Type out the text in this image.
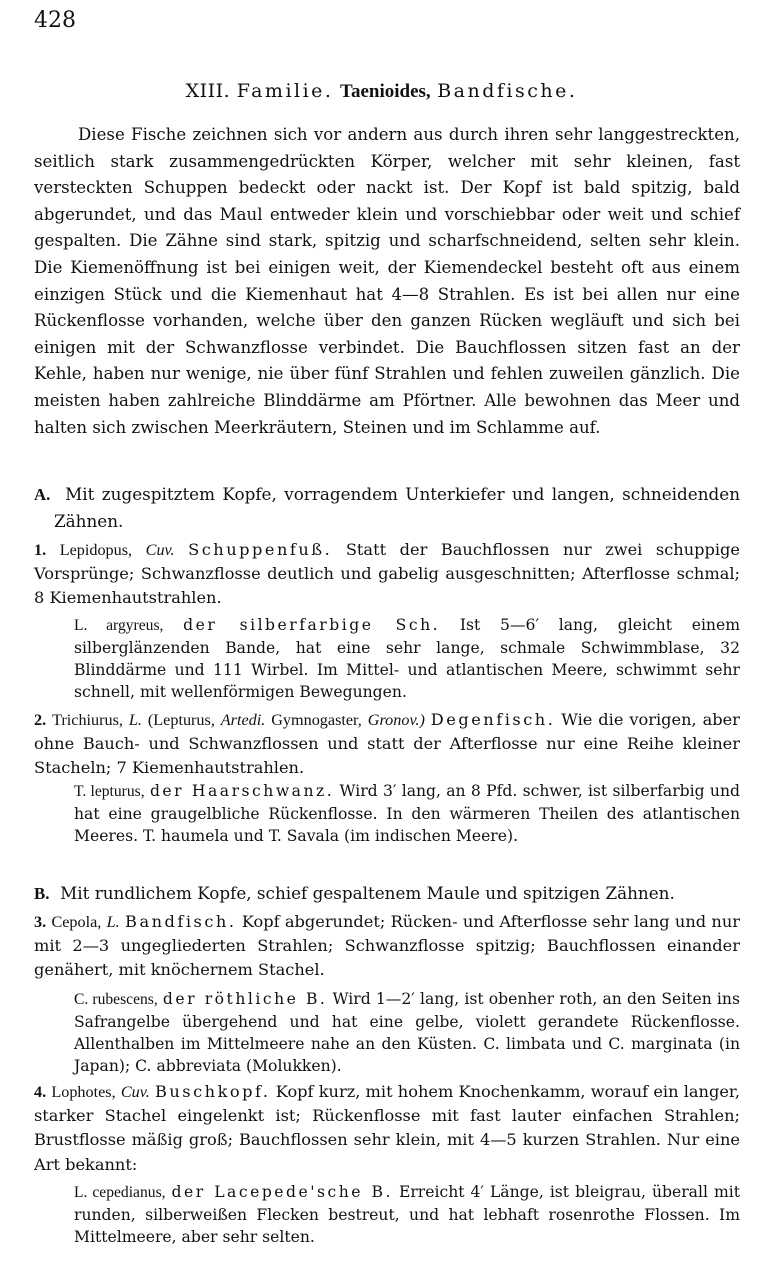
428
XIII. Familie. Taenioides, Bandfische.
Diese Fische zeichnen sich vor andern aus durch ihren sehr langgestreckten, seitlich stark zusammengedrückten Körper, welcher mit sehr kleinen, fast versteckten Schuppen bedeckt oder nackt ist. Der Kopf ist bald spitzig, bald abgerundet, und das Maul entweder klein und vorschiebbar oder weit und schief gespalten. Die Zähne sind stark, spitzig und scharfschneidend, selten sehr klein. Die Kiemenöffnung ist bei einigen weit, der Kiemendeckel besteht oft aus einem einzigen Stück und die Kiemenhaut hat 4—8 Strahlen. Es ist bei allen nur eine Rückenflosse vorhanden, welche über den ganzen Rücken wegläuft und sich bei einigen mit der Schwanzflosse verbindet. Die Bauchflossen sitzen fast an der Kehle, haben nur wenige, nie über fünf Strahlen und fehlen zuweilen gänzlich. Die meisten haben zahlreiche Blinddärme am Pförtner. Alle bewohnen das Meer und halten sich zwischen Meerkräutern, Steinen und im Schlamme auf.
A. Mit zugespitztem Kopfe, vorragendem Unterkiefer und langen, schneidenden Zähnen.
1. Lepidopus, Cuv. Schuppenfuß. Statt der Bauchflossen nur zwei schuppige Vorsprünge; Schwanzflosse deutlich und gabelig ausgeschnitten; Afterflosse schmal; 8 Kiemenhautstrahlen.
L. argyreus, der silberfarbige Sch. Ist 5—6′ lang, gleicht einem silberglänzenden Bande, hat eine sehr lange, schmale Schwimmblase, 32 Blinddärme und 111 Wirbel. Im Mittel- und atlantischen Meere, schwimmt sehr schnell, mit wellenförmigen Bewegungen.
2. Trichiurus, L. (Lepturus, Artedi. Gymnogaster, Gronov.) Degenfisch. Wie die vorigen, aber ohne Bauch- und Schwanzflossen und statt der Afterflosse nur eine Reihe kleiner Stacheln; 7 Kiemenhautstrahlen.
T. lepturus, der Haarschwanz. Wird 3′ lang, an 8 Pfd. schwer, ist silberfarbig und hat eine graugelbliche Rückenflosse. In den wärmeren Theilen des atlantischen Meeres. T. haumela und T. Savala (im indischen Meere).
B. Mit rundlichem Kopfe, schief gespaltenem Maule und spitzigen Zähnen.
3. Cepola, L. Bandfisch. Kopf abgerundet; Rücken- und Afterflosse sehr lang und nur mit 2—3 ungegliederten Strahlen; Schwanzflosse spitzig; Bauchflossen einander genähert, mit knöchernem Stachel.
C. rubescens, der röthliche B. Wird 1—2′ lang, ist obenher roth, an den Seiten ins Safrangelbe übergehend und hat eine gelbe, violett gerandete Rückenflosse. Allenthalben im Mittelmeere nahe an den Küsten. C. limbata und C. marginata (in Japan); C. abbreviata (Molukken).
4. Lophotes, Cuv. Buschkopf. Kopf kurz, mit hohem Knochenkamm, worauf ein langer, starker Stachel eingelenkt ist; Rückenflosse mit fast lauter einfachen Strahlen; Brustflosse mäßig groß; Bauchflossen sehr klein, mit 4—5 kurzen Strahlen. Nur eine Art bekannt:
L. cepedianus, der Lacepede'sche B. Erreicht 4′ Länge, ist bleigrau, überall mit runden, silberweißen Flecken bestreut, und hat lebhaft rosenrothe Flossen. Im Mittelmeere, aber sehr selten.
